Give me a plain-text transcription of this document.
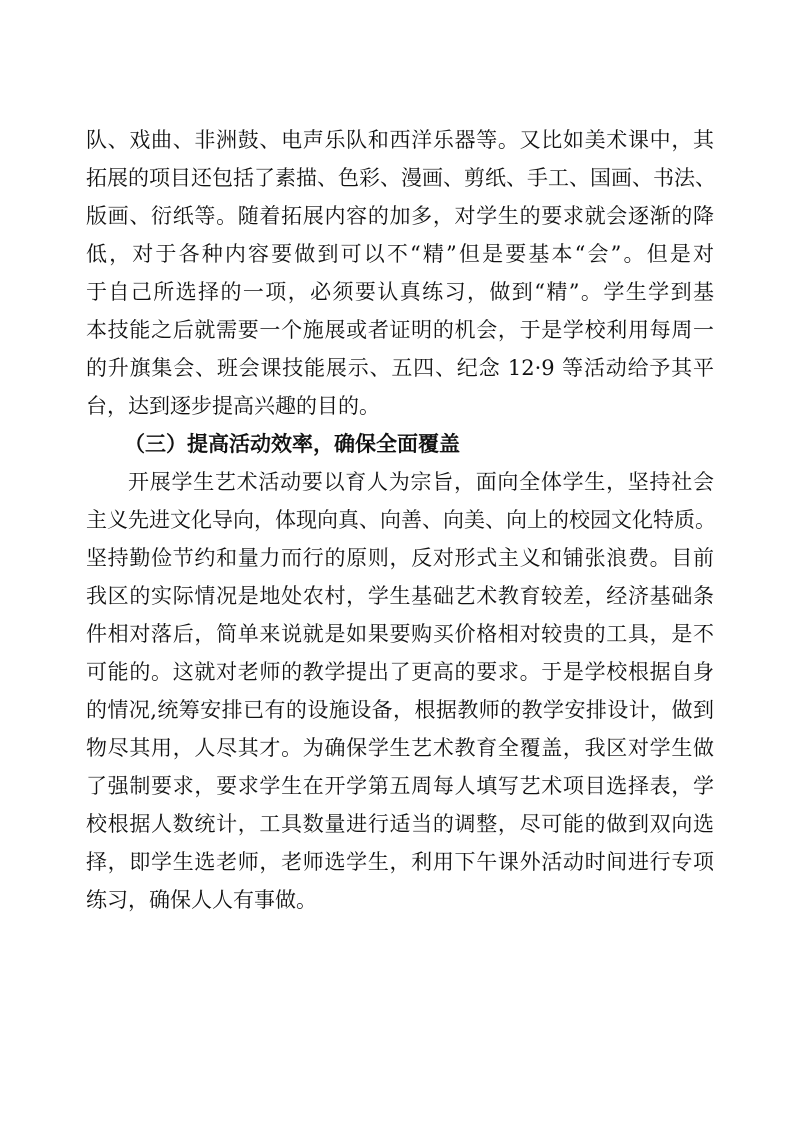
队、戏曲、非洲鼓、电声乐队和西洋乐器等。又比如美术课中，其
拓展的项目还包括了素描、色彩、漫画、剪纸、手工、国画、书法、
版画、衍纸等。随着拓展内容的加多，对学生的要求就会逐渐的降
低，对于各种内容要做到可以不“精”但是要基本“会”。但是对
于自己所选择的一项，必须要认真练习，做到“精”。学生学到基
本技能之后就需要一个施展或者证明的机会，于是学校利用每周一
的升旗集会、班会课技能展示、五四、纪念 12·9 等活动给予其平
台，达到逐步提高兴趣的目的。
（三）提高活动效率，确保全面覆盖
开展学生艺术活动要以育人为宗旨，面向全体学生，坚持社会
主义先进文化导向，体现向真、向善、向美、向上的校园文化特质。
坚持勤俭节约和量力而行的原则，反对形式主义和铺张浪费。目前
我区的实际情况是地处农村，学生基础艺术教育较差，经济基础条
件相对落后，简单来说就是如果要购买价格相对较贵的工具，是不
可能的。这就对老师的教学提出了更高的要求。于是学校根据自身
的情况,统筹安排已有的设施设备，根据教师的教学安排设计，做到
物尽其用，人尽其才。为确保学生艺术教育全覆盖，我区对学生做
了强制要求，要求学生在开学第五周每人填写艺术项目选择表，学
校根据人数统计，工具数量进行适当的调整，尽可能的做到双向选
择，即学生选老师，老师选学生，利用下午课外活动时间进行专项
练习，确保人人有事做。
